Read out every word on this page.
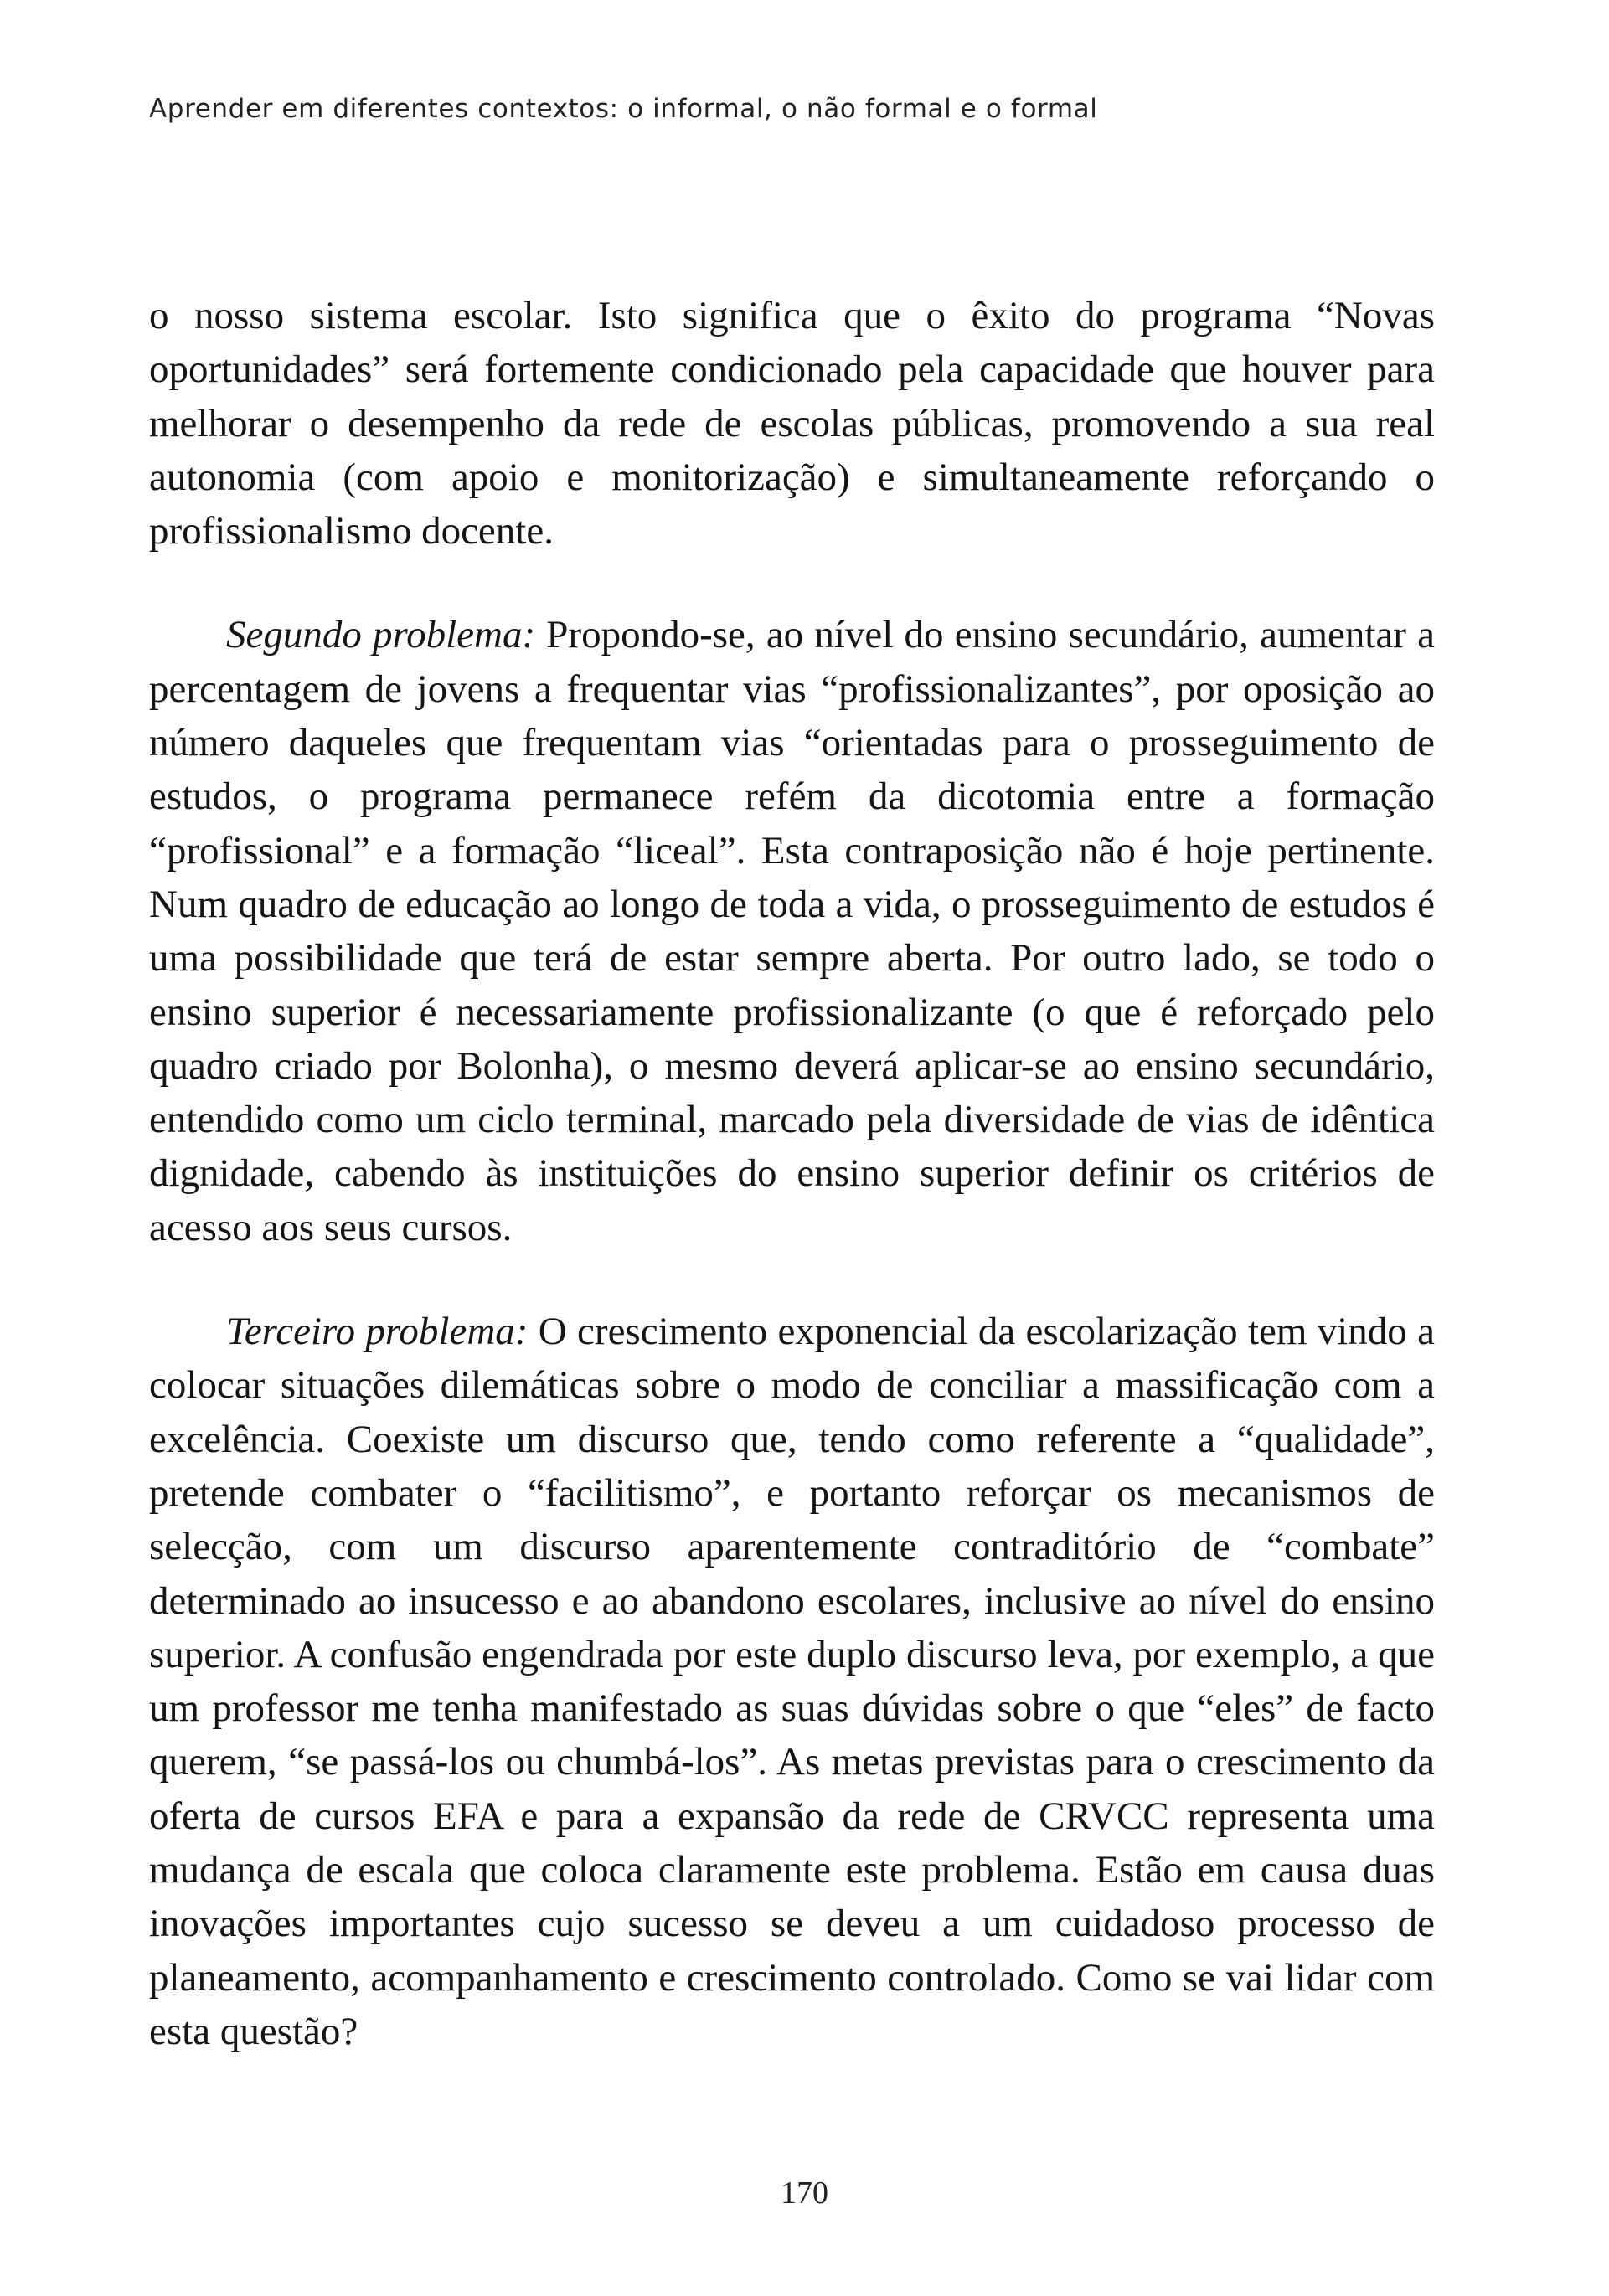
Aprender em diferentes contextos: o informal, o não formal e o formal

o nosso sistema escolar. Isto significa que o êxito do programa “Novas oportunidades” será fortemente condicionado pela capacidade que houver para melhorar o desempenho da rede de escolas públicas, promovendo a sua real autonomia (com apoio e monitorização) e simultaneamente reforçando o profissionalismo docente.

Segundo problema: Propondo-se, ao nível do ensino secundário, aumentar a percentagem de jovens a frequentar vias “profissionalizantes”, por oposição ao número daqueles que frequentam vias “orientadas para o prosseguimento de estudos, o programa permanece refém da dicotomia entre a formação “profissional” e a formação “liceal”. Esta contraposição não é hoje pertinente. Num quadro de educação ao longo de toda a vida, o prosseguimento de estudos é uma possibilidade que terá de estar sempre aberta. Por outro lado, se todo o ensino superior é necessariamente profissionalizante (o que é reforçado pelo quadro criado por Bolonha), o mesmo deverá aplicar-se ao ensino secundário, entendido como um ciclo terminal, marcado pela diversidade de vias de idêntica dignidade, cabendo às instituições do ensino superior definir os critérios de acesso aos seus cursos.

Terceiro problema: O crescimento exponencial da escolarização tem vindo a colocar situações dilemáticas sobre o modo de conciliar a massificação com a excelência. Coexiste um discurso que, tendo como referente a “qualidade”, pretende combater o “facilitismo”, e portanto reforçar os mecanismos de selecção, com um discurso aparentemente contraditório de “combate” determinado ao insucesso e ao abandono escolares, inclusive ao nível do ensino superior. A confusão engendrada por este duplo discurso leva, por exemplo, a que um professor me tenha manifestado as suas dúvidas sobre o que “eles” de facto querem, “se passá-los ou chumbá-los”. As metas previstas para o crescimento da oferta de cursos EFA e para a expansão da rede de CRVCC representa uma mudança de escala que coloca claramente este problema. Estão em causa duas inovações importantes cujo sucesso se deveu a um cuidadoso processo de planeamento, acompanhamento e crescimento controlado. Como se vai lidar com esta questão?

170
